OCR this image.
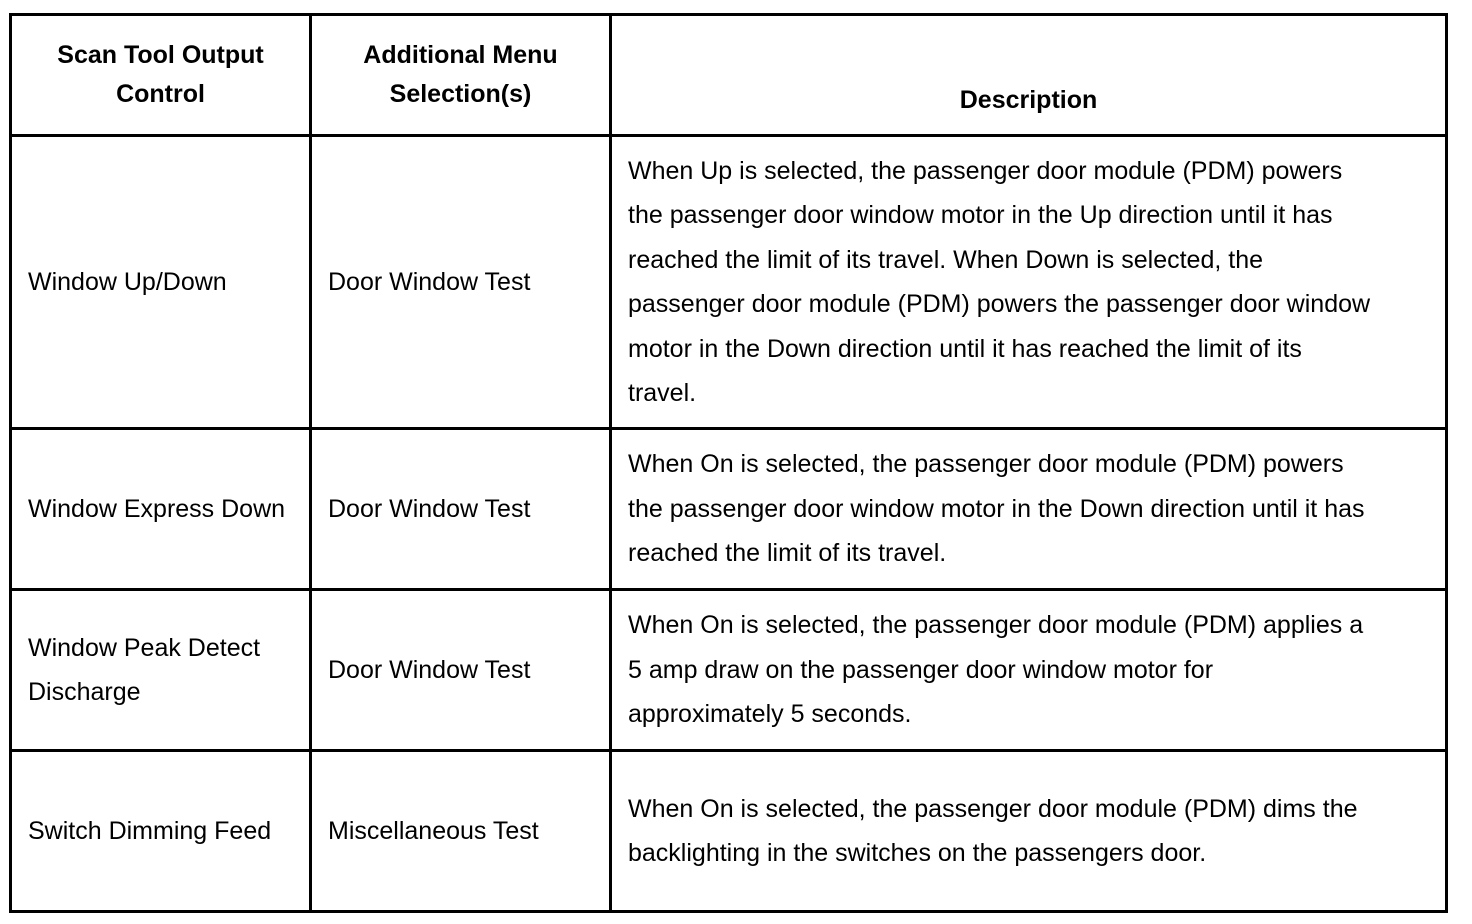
Scan Tool Output Control	Additional Menu Selection(s)	Description
Window Up/Down	Door Window Test	When Up is selected, the passenger door module (PDM) powers the passenger door window motor in the Up direction until it has reached the limit of its travel. When Down is selected, the passenger door module (PDM) powers the passenger door window motor in the Down direction until it has reached the limit of its travel.
Window Express Down	Door Window Test	When On is selected, the passenger door module (PDM) powers the passenger door window motor in the Down direction until it has reached the limit of its travel.
Window Peak Detect Discharge	Door Window Test	When On is selected, the passenger door module (PDM) applies a 5 amp draw on the passenger door window motor for approximately 5 seconds.
Switch Dimming Feed	Miscellaneous Test	When On is selected, the passenger door module (PDM) dims the backlighting in the switches on the passengers door.
